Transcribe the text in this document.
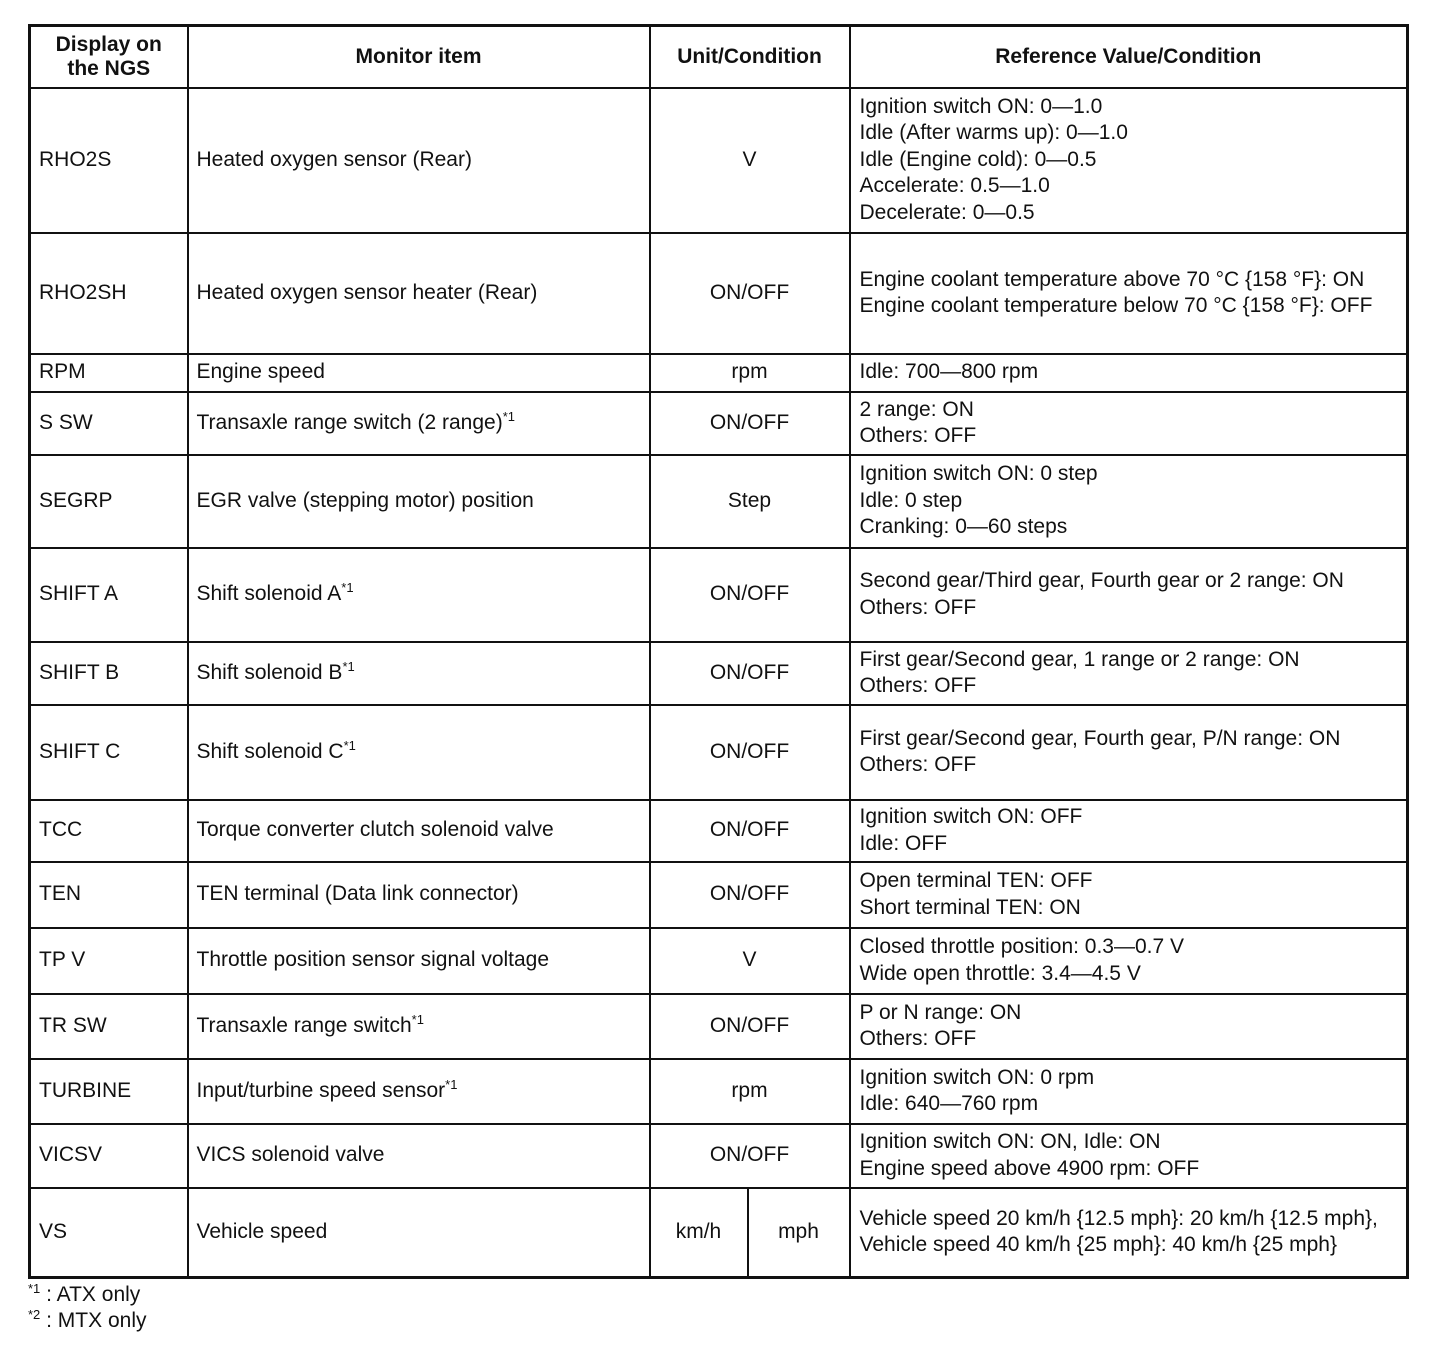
Display on the NGS	Monitor item	Unit/Condition		Reference Value/Condition
RHO2S	Heated oxygen sensor (Rear)	V		Ignition switch ON: 0—1.0
Idle (After warms up): 0—1.0
Idle (Engine cold): 0—0.5
Accelerate: 0.5—1.0
Decelerate: 0—0.5
RHO2SH	Heated oxygen sensor heater (Rear)	ON/OFF		Engine coolant temperature above 70 °C {158 °F}: ON
Engine coolant temperature below 70 °C {158 °F}: OFF
RPM	Engine speed	rpm		Idle: 700—800 rpm
S SW	Transaxle range switch (2 range)$^{*1}$	ON/OFF		2 range: ON
Others: OFF
SEGRP	EGR valve (stepping motor) position	Step		Ignition switch ON: 0 step
Idle: 0 step
Cranking: 0—60 steps
SHIFT A	Shift solenoid $A^{*1}$	ON/OFF		Second gear/Third gear, Fourth gear or 2 range: ON
Others: OFF
SHIFT B	Shift solenoid $B^{*1}$	ON/OFF		First gear/Second gear, 1 range or 2 range: ON
Others: OFF
SHIFT C	Shift solenoid $C^{*1}$	ON/OFF		First gear/Second gear, Fourth gear, P/N range: ON
Others: OFF
TCC	Torque converter clutch solenoid valve	ON/OFF		Ignition switch ON: OFF
Idle: OFF
TEN	TEN terminal (Data link connector)	ON/OFF		Open terminal TEN: OFF
Short terminal TEN: ON
TP V	Throttle position sensor signal voltage	V		Closed throttle position: 0.3—0.7 V
Wide open throttle: 3.4—4.5 V
TR SW	Transaxle range switch$^{*1}$	ON/OFF		P or N range: ON
Others: OFF
TURBINE	Input/turbine speed sensor$^{*1}$	rpm		Ignition switch ON: 0 rpm
Idle: 640—760 rpm
VICSV	VICS solenoid valve	ON/OFF		Ignition switch ON: ON, Idle: ON
Engine speed above 4900 rpm: OFF
VS	Vehicle speed	km/h	mph	Vehicle speed 20 km/h {12.5 mph}: 20 km/h {12.5 mph}, Vehicle speed 40 km/h {25 mph}: 40 km/h {25 mph}
$^{*1}$ : ATX only
$^{*2}$ : MTX only
